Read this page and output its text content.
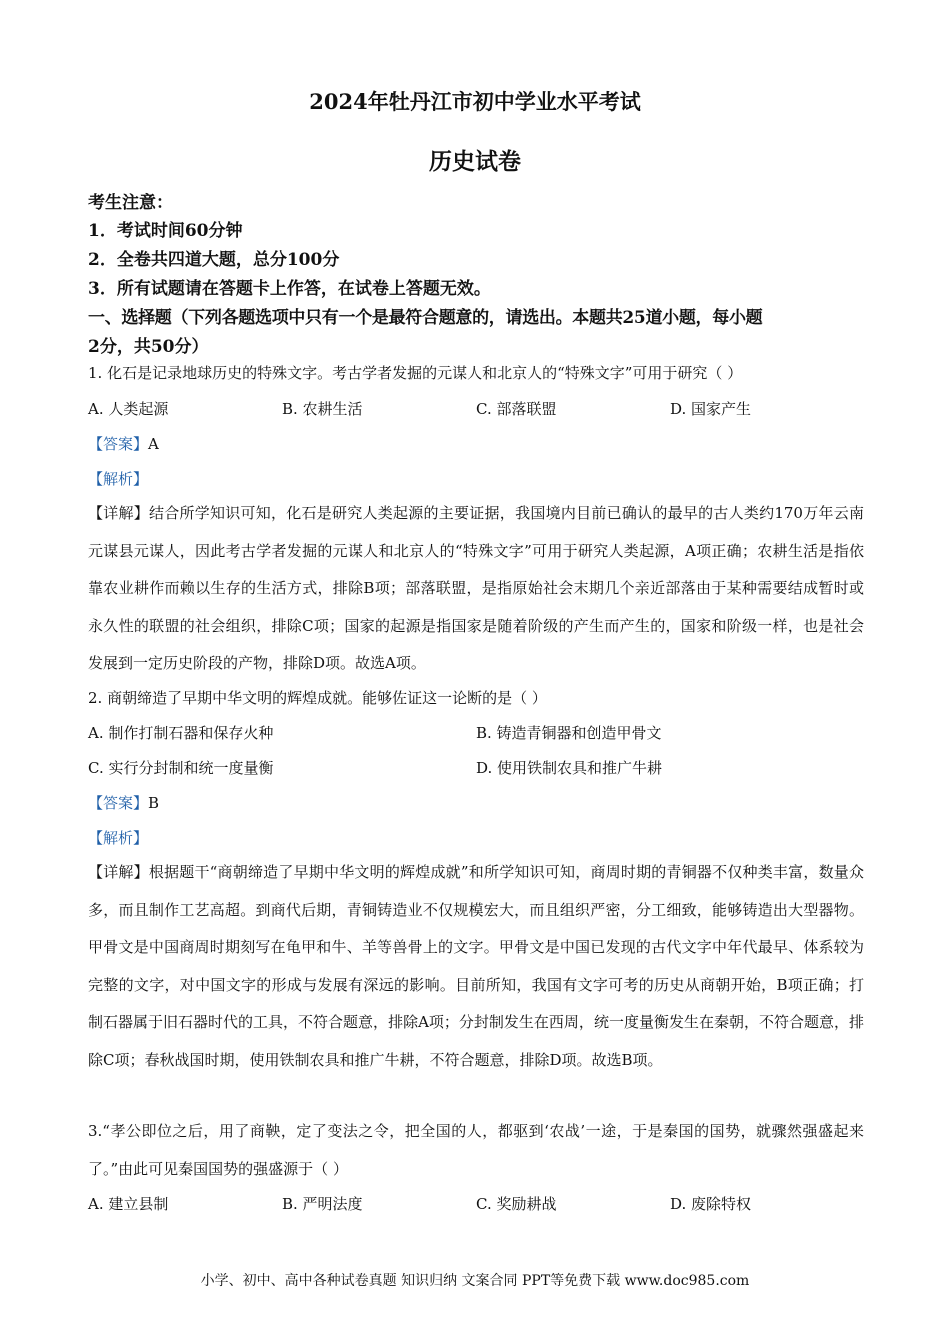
2024年牡丹江市初中学业水平考试
历史试卷
考生注意：
1．考试时间60分钟
2．全卷共四道大题，总分100分
3．所有试题请在答题卡上作答，在试卷上答题无效。
一、选择题（下列各题选项中只有一个是最符合题意的，请选出。本题共25道小题，每小题
2分，共50分）
1. 化石是记录地球历史的特殊文字。考古学者发掘的元谋人和北京人的“特殊文字”可用于研究（ ）
A. 人类起源	B. 农耕生活	C. 部落联盟	D. 国家产生
【答案】A
【解析】
【详解】结合所学知识可知，化石是研究人类起源的主要证据，我国境内目前已确认的最早的古人类约170万年云南元谋县元谋人，因此考古学者发掘的元谋人和北京人的“特殊文字”可用于研究人类起源，A项正确；农耕生活是指依靠农业耕作而赖以生存的生活方式，排除B项；部落联盟，是指原始社会末期几个亲近部落由于某种需要结成暂时或永久性的联盟的社会组织，排除C项；国家的起源是指国家是随着阶级的产生而产生的，国家和阶级一样，也是社会发展到一定历史阶段的产物，排除D项。故选A项。
2. 商朝缔造了早期中华文明的辉煌成就。能够佐证这一论断的是（ ）
A. 制作打制石器和保存火种	B. 铸造青铜器和创造甲骨文
C. 实行分封制和统一度量衡	D. 使用铁制农具和推广牛耕
【答案】B
【解析】
【详解】根据题干“商朝缔造了早期中华文明的辉煌成就”和所学知识可知，商周时期的青铜器不仅种类丰富，数量众多，而且制作工艺高超。到商代后期，青铜铸造业不仅规模宏大，而且组织严密，分工细致，能够铸造出大型器物。甲骨文是中国商周时期刻写在龟甲和牛、羊等兽骨上的文字。甲骨文是中国已发现的古代文字中年代最早、体系较为完整的文字，对中国文字的形成与发展有深远的影响。目前所知，我国有文字可考的历史从商朝开始，B项正确；打制石器属于旧石器时代的工具，不符合题意，排除A项；分封制发生在西周，统一度量衡发生在秦朝，不符合题意，排除C项；春秋战国时期，使用铁制农具和推广牛耕，不符合题意，排除D项。故选B项。
3.“孝公即位之后，用了商鞅，定了变法之令，把全国的人，都驱到‘农战’一途，于是秦国的国势，就骤然强盛起来了。”由此可见秦国国势的强盛源于（ ）
A. 建立县制	B. 严明法度	C. 奖励耕战	D. 废除特权
小学、初中、高中各种试卷真题 知识归纳 文案合同 PPT等免费下载 www.doc985.com
